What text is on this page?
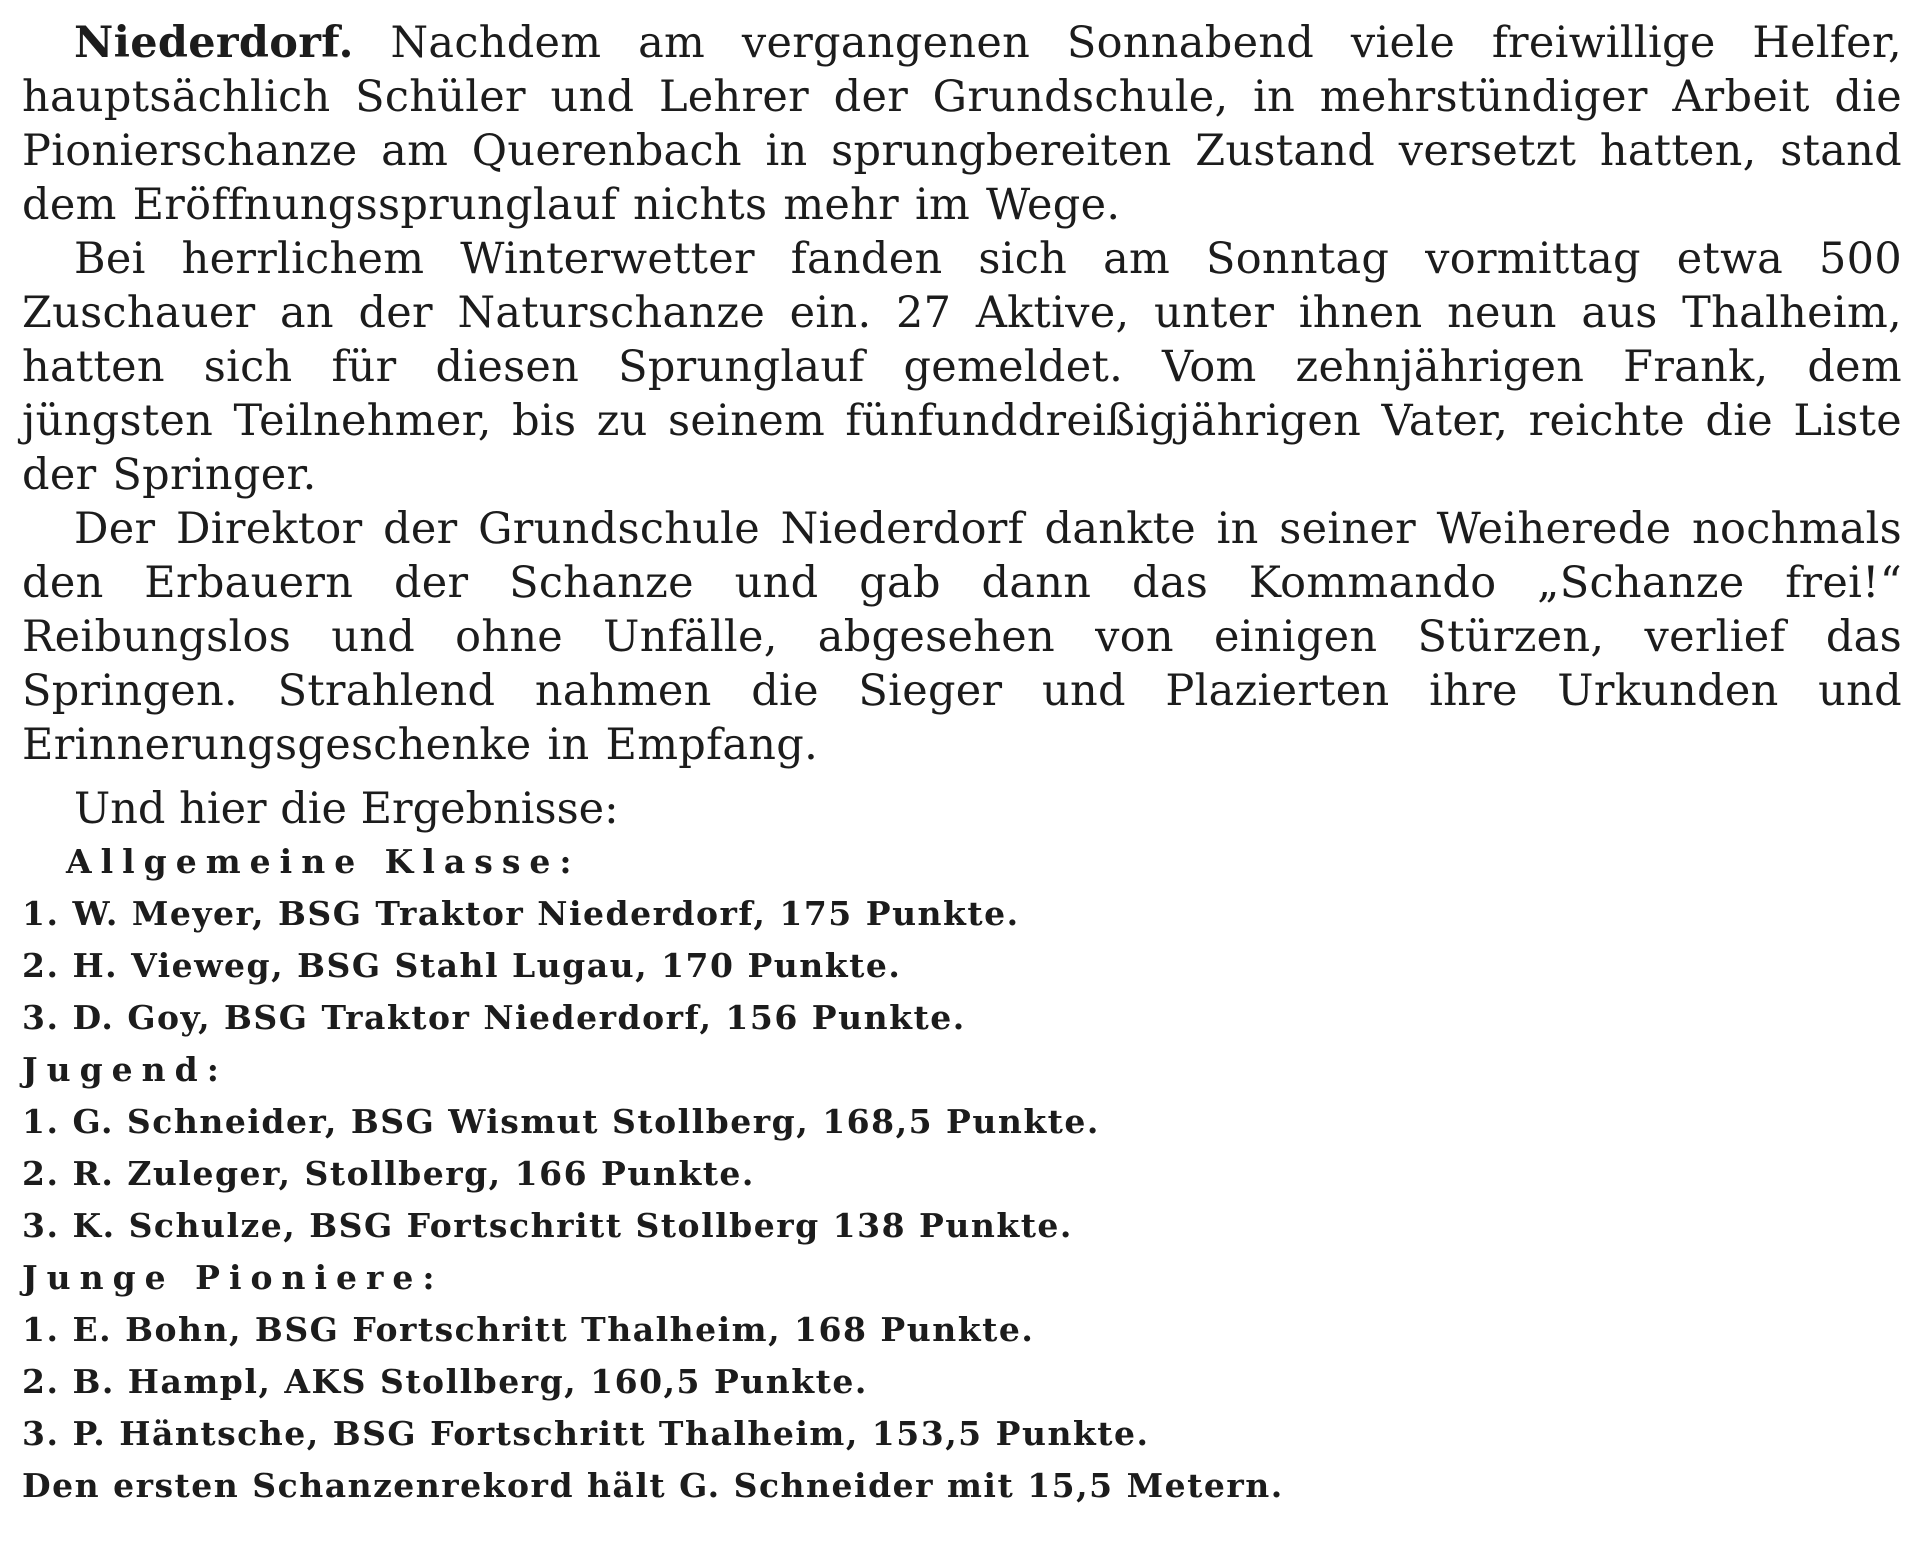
Niederdorf. Nachdem am vergangenen Sonnabend viele freiwillige Helfer, hauptsächlich Schüler und Lehrer der Grundschule, in mehrstündiger Arbeit die Pionierschanze am Querenbach in sprungbereiten Zustand versetzt hatten, stand dem Eröffnungssprunglauf nichts mehr im Wege.

Bei herrlichem Winterwetter fanden sich am Sonntag vormittag etwa 500 Zuschauer an der Naturschanze ein. 27 Aktive, unter ihnen neun aus Thalheim, hatten sich für diesen Sprunglauf gemeldet. Vom zehnjährigen Frank, dem jüngsten Teilnehmer, bis zu seinem fünfunddreißigjährigen Vater, reichte die Liste der Springer.

Der Direktor der Grundschule Niederdorf dankte in seiner Weiherede nochmals den Erbauern der Schanze und gab dann das Kommando „Schanze frei!“ Reibungslos und ohne Unfälle, abgesehen von einigen Stürzen, verlief das Springen. Strahlend nahmen die Sieger und Plazierten ihre Urkunden und Erinnerungsgeschenke in Empfang.

Und hier die Ergebnisse:

Allgemeine Klasse:

1. W. Meyer, BSG Traktor Niederdorf, 175 Punkte.

2. H. Vieweg, BSG Stahl Lugau, 170 Punkte.

3. D. Goy, BSG Traktor Niederdorf, 156 Punkte.

Jugend:

1. G. Schneider, BSG Wismut Stollberg, 168,5 Punkte.

2. R. Zuleger, Stollberg, 166 Punkte.

3. K. Schulze, BSG Fortschritt Stollberg 138 Punkte.

Junge Pioniere:

1. E. Bohn, BSG Fortschritt Thalheim, 168 Punkte.

2. B. Hampl, AKS Stollberg, 160,5 Punkte.

3. P. Häntsche, BSG Fortschritt Thalheim, 153,5 Punkte.

Den ersten Schanzenrekord hält G. Schneider mit 15,5 Metern.
